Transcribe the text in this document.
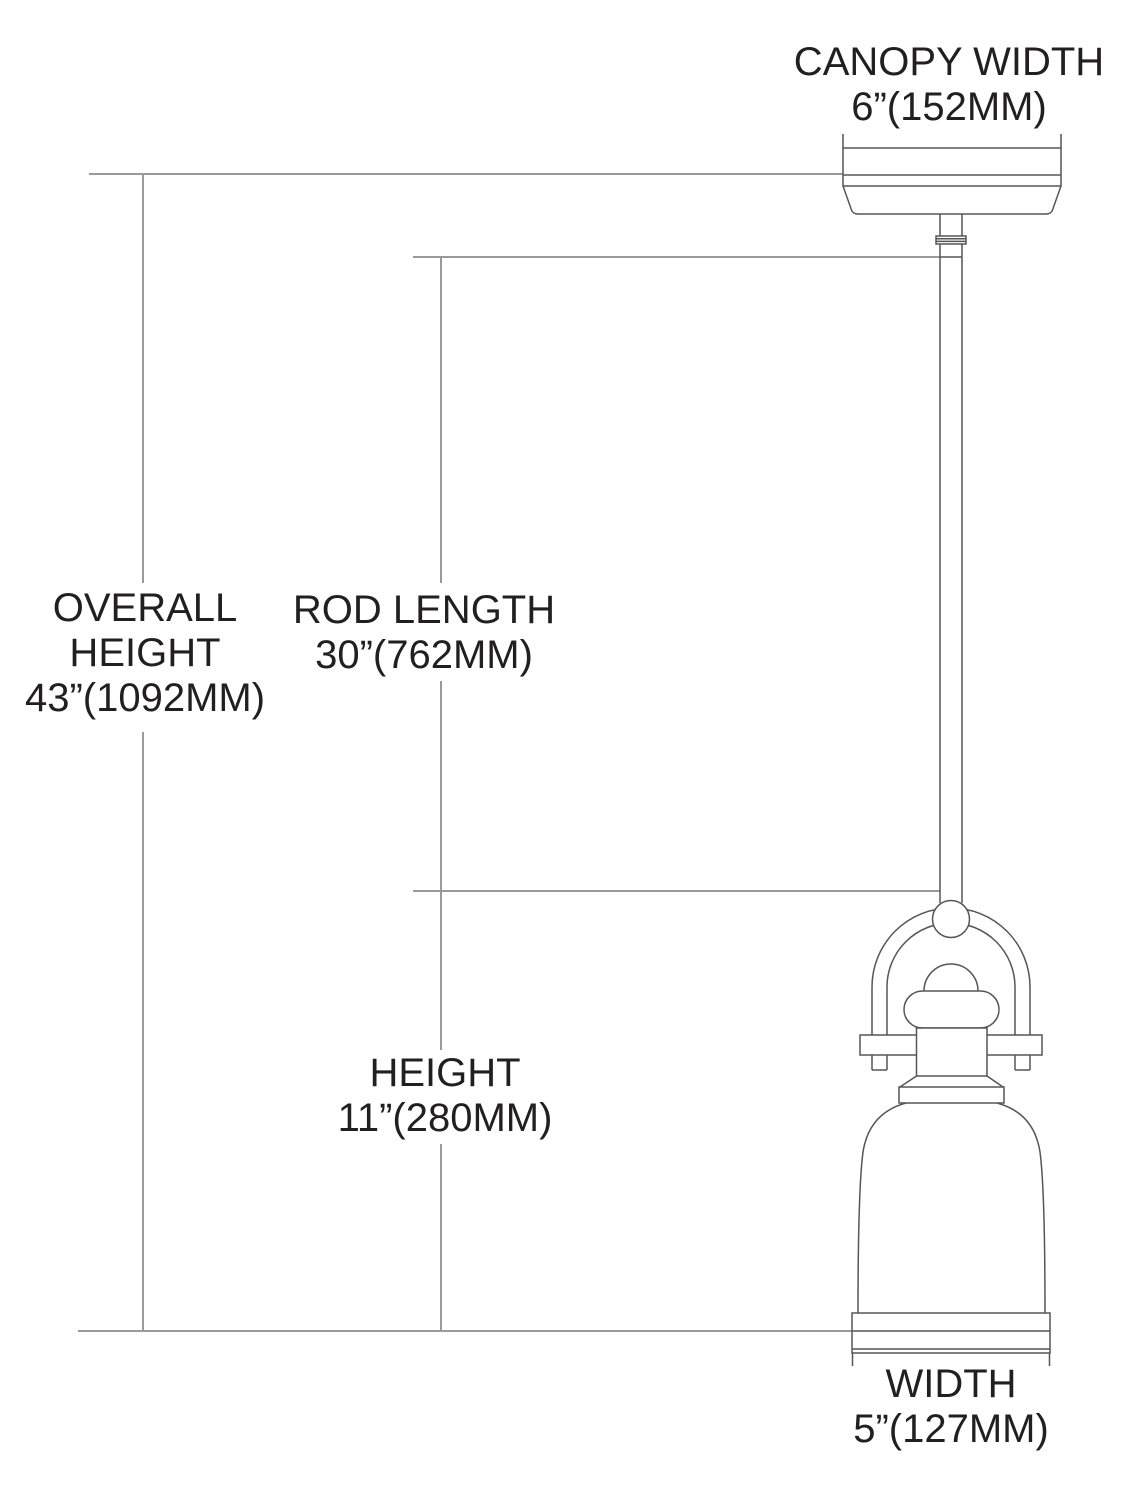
CANOPY WIDTH
6”(152MM)
OVERALL
HEIGHT
43”(1092MM)
ROD LENGTH
30”(762MM)
HEIGHT
11”(280MM)
WIDTH
5”(127MM)
